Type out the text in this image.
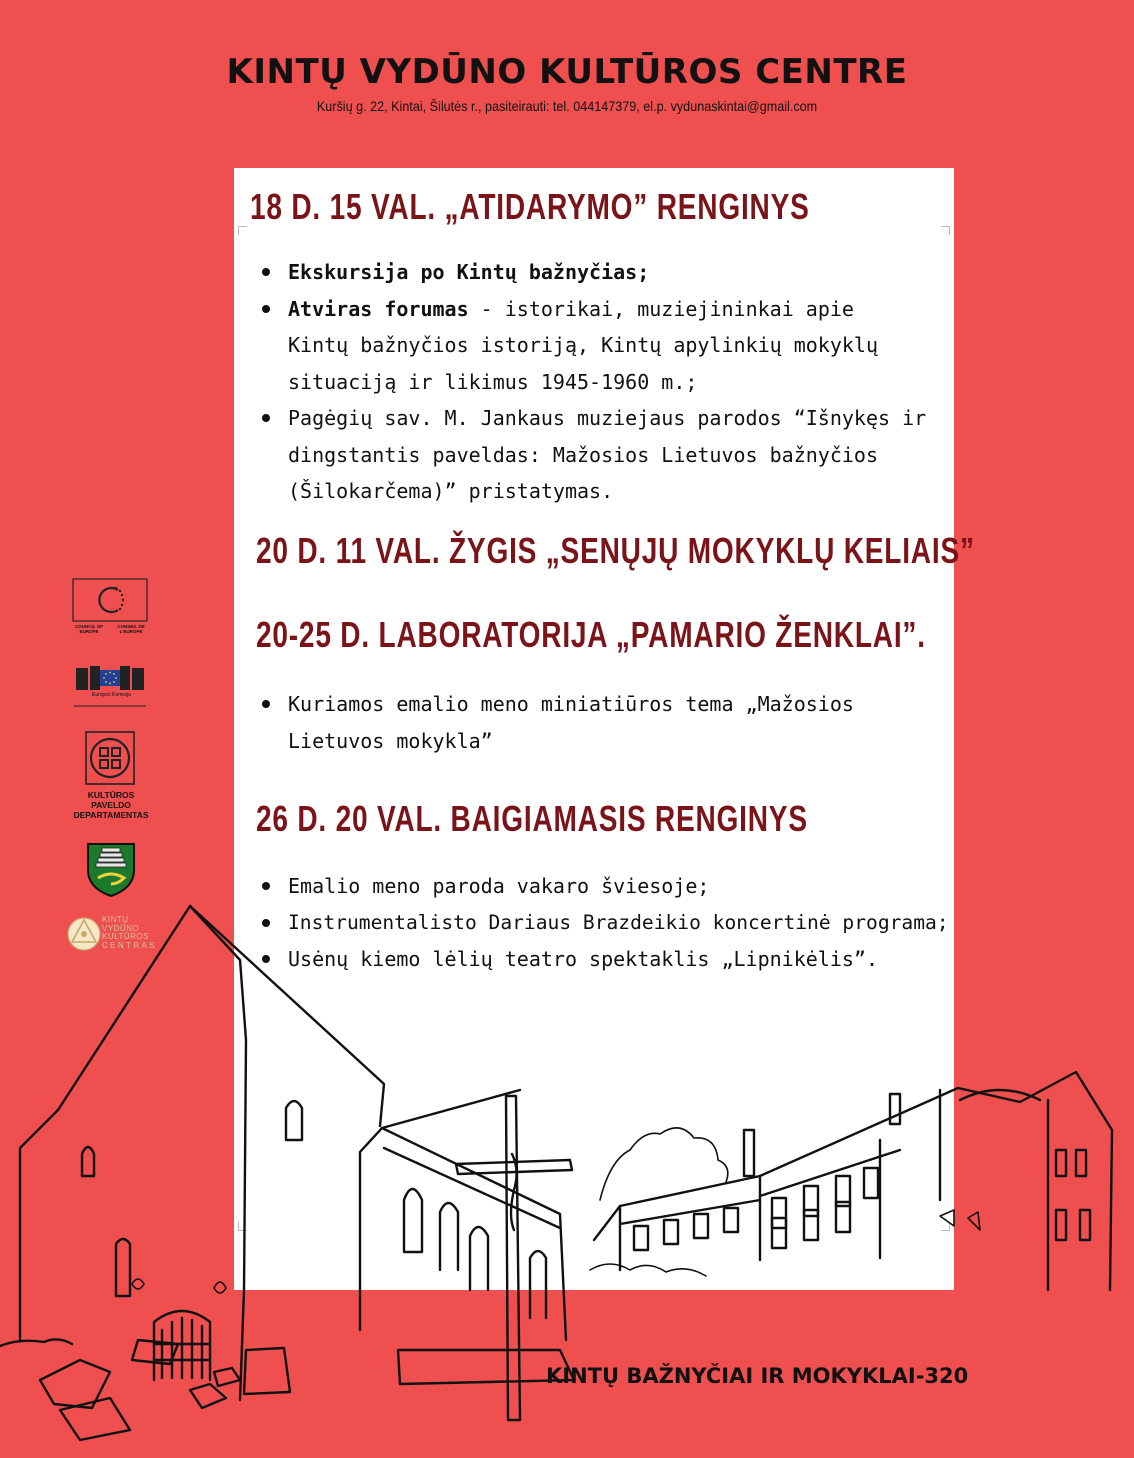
KINTŲ VYDŪNO KULTŪROS CENTRE
Kuršių g. 22, Kintai, Šilutės r., pasiteirauti: tel. 044147379, el.p. vydunaskintai@gmail.com
18 D. 15 VAL. „ATIDARYMO” RENGINYS
Ekskursija po Kintų bažnyčias;
Atviras forumas - istorikai, muziejininkai apie Kintų bažnyčios istoriją, Kintų apylinkių mokyklų situaciją ir likimus 1945-1960 m.;
Pagėgių sav. M. Jankaus muziejaus parodos “Išnykęs ir dingstantis paveldas: Mažosios Lietuvos bažnyčios (Šilokarčema)” pristatymas.
20 D. 11 VAL. ŽYGIS „SENŲJŲ MOKYKLŲ KELIAIS”
20-25 D. LABORATORIJA „PAMARIO ŽENKLAI”.
Kuriamos emalio meno miniatiūros tema „Mažosios Lietuvos mokykla”
26 D. 20 VAL. BAIGIAMASIS RENGINYS
Emalio meno paroda vakaro šviesoje;
Instrumentalisto Dariaus Brazdeikio koncertinė programa;
Usėnų kiemo lėlių teatro spektaklis „Lipnikėlis”.
COUNCIL OF EUROPE
CONSEIL DE L'EUROPE
Europos Komisija
KULTŪROS
PAVELDO
DEPARTAMENTAS
KINTŲ
VYDŪNO
KULTŪROS
CENTRAS
KINTŲ BAŽNYČIAI IR MOKYKLAI-320
